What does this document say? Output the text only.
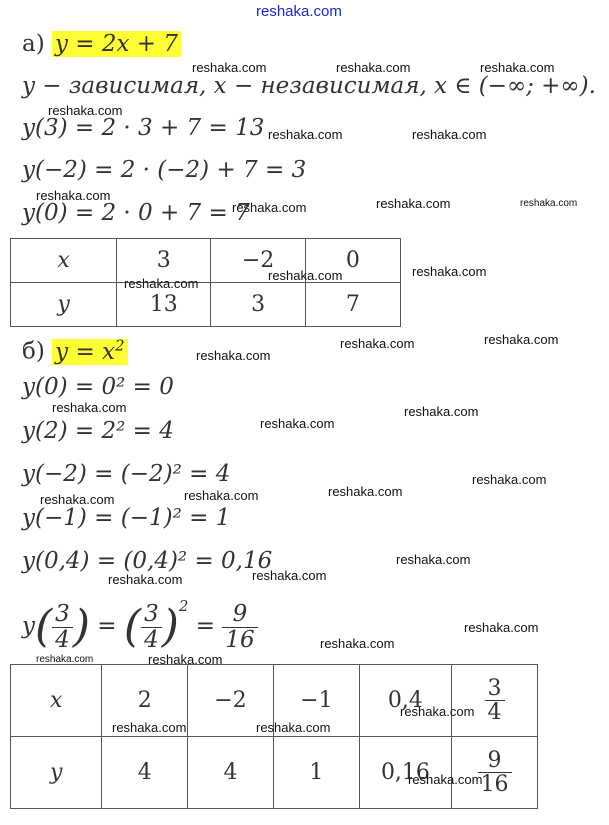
reshaka.com
а) y = 2x + 7
y − зависимая, x − независимая, x ∈ (−∞; +∞).
y(3) = 2 · 3 + 7 = 13
y(−2) = 2 · (−2) + 7 = 3
y(0) = 2 · 0 + 7 = 7
x	3	−2	0
y	13	3	7
б) $y = x^2$
y(0) = 0² = 0
y(2) = 2² = 4
y(−2) = (−2)² = 4
y(−1) = (−1)² = 1
y(0,4) = (0,4)² = 0,16
$y( \frac{3}{4}$ ) = ( $\frac{3}{4} )^2 = \frac{9}{16}$
x	2	−2	−1	0,4	$\frac{3}{4}$

y	4	4	1	0,16	$\frac{9}{16}$
reshaka.com	reshaka.com	reshaka.com
reshaka.com
reshaka.com	reshaka.com
reshaka.com
reshaka.com	reshaka.com	reshaka.com
reshaka.com	reshaka.com
reshaka.com
reshaka.com	reshaka.com
reshaka.com
reshaka.com	reshaka.com
reshaka.com
reshaka.com
reshaka.com
reshaka.com
reshaka.com
reshaka.com
reshaka.com
reshaka.com
reshaka.com
reshaka.com
reshaka.com
reshaka.com
reshaka.com
reshaka.com	reshaka.com
reshaka.com
